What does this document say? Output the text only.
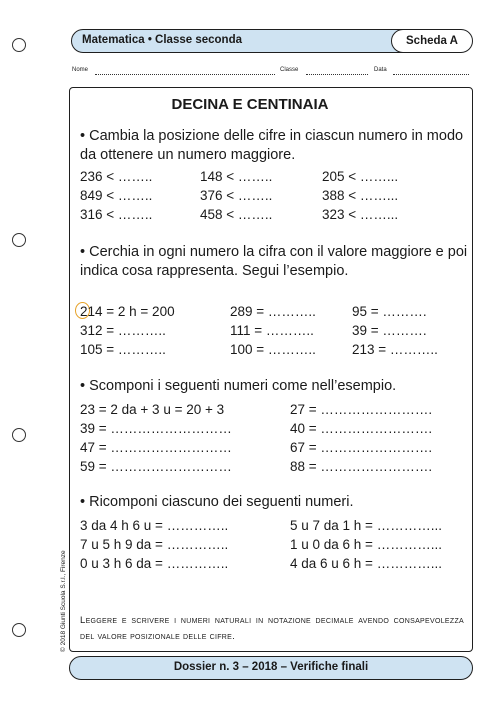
Matematica • Classe seconda	Scheda A
Nome	Classe	Data
DECINA E CENTINAIA
• Cambia la posizione delle cifre in ciascun numero in modo da ottenere un numero maggiore.
236 < ……..	148 < ……..	205 < ……...
849 < ……..	376 < ……..	388 < ……...
316 < ……..	458 < ……..	323 < ……...
• Cerchia in ogni numero la cifra con il valore maggiore e poi indica cosa rappresenta. Segui l’esempio.
214 = 2 h = 200	289 = ………..	95 = ……….
312 = ………..	111 = ………..	39 = ……….
105 = ………..	100 = ………..	213 = ………..
• Scomponi i seguenti numeri come nell’esempio.
23 = 2 da + 3 u = 20 + 3	27 = …………………….
39 = ………………………	40 = …………………….
47 = ………………………	67 = …………………….
59 = ………………………	88 = …………………….
• Ricomponi ciascuno dei seguenti numeri.
3 da 4 h 6 u = …………..	5 u 7 da 1 h = …………...
7 u 5 h 9 da = …………..	1 u 0 da 6 h = …………...
0 u 3 h 6 da = …………..	4 da 6 u 6 h = …………...
Leggere e scrivere i numeri naturali in notazione decimale avendo consapevolezza del valore posizionale delle cifre.
Dossier n. 3 – 2018 – Verifiche finali
© 2018 Giunti Scuola S.r.l., Firenze
